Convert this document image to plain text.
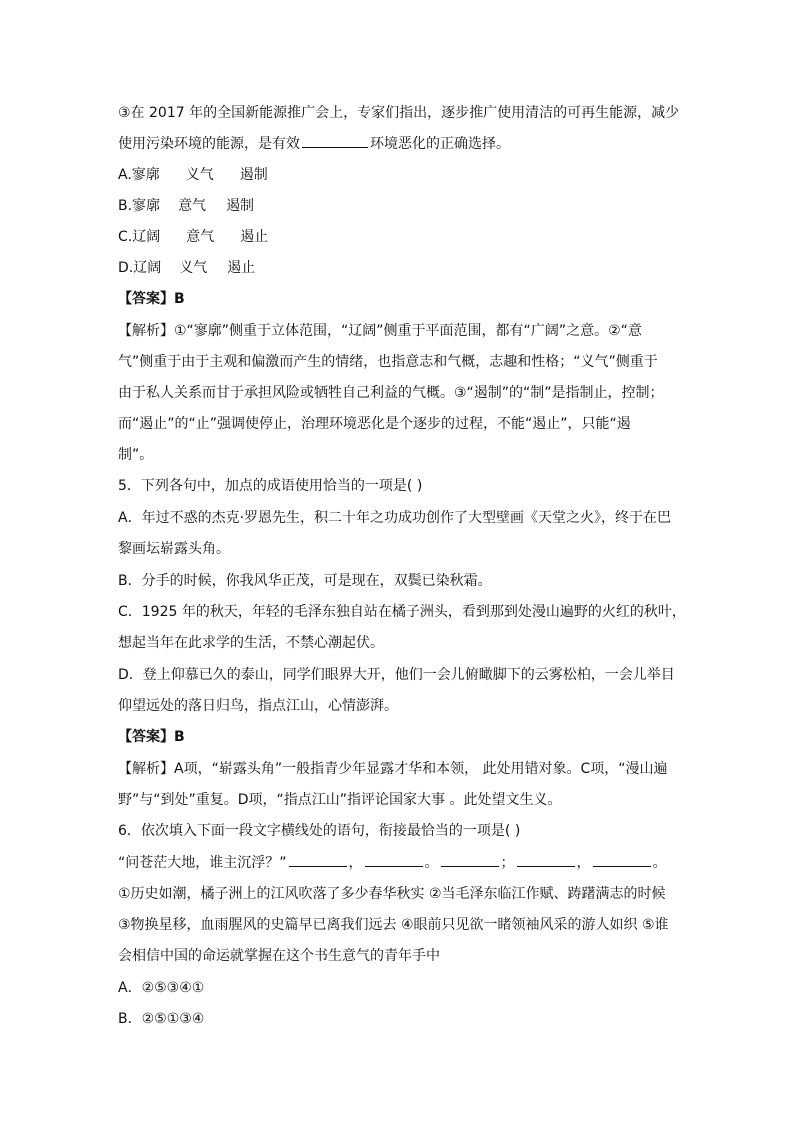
③在 2017 年的全国新能源推广会上，专家们指出，逐步推广使用清洁的可再生能源，减少
使用污染环境的能源，是有效	环境恶化的正确选择。
A.寥廓 义气 遏制
B.寥廓 意气 遏制
C.辽阔 意气 遏止
D.辽阔 义气 遏止
【答案】B
【解析】①“寥廓”侧重于立体范围，“辽阔”侧重于平面范围，都有“广阔”之意。②“意
气”侧重于由于主观和偏激而产生的情绪，也指意志和气概，志趣和性格；“义气”侧重于
由于私人关系而甘于承担风险或牺牲自己利益的气概。③“遏制”的“制”是指制止，控制；
而“遏止”的“止”强调使停止，治理环境恶化是个逐步的过程，不能“遏止”，只能“遏
制”。
5．下列各句中，加点的成语使用恰当的一项是( )
A．年过不惑的杰克·罗恩先生，积二十年之功成功创作了大型壁画《天堂之火》，终于在巴
黎画坛崭露头角。
B．分手的时候，你我风华正茂，可是现在，双鬓已染秋霜。
C．1925 年的秋天，年轻的毛泽东独自站在橘子洲头，看到那到处漫山遍野的火红的秋叶，
想起当年在此求学的生活，不禁心潮起伏。
D．登上仰慕已久的泰山，同学们眼界大开，他们一会儿俯瞰脚下的云雾松柏，一会儿举目
仰望远处的落日归鸟，指点江山，心情澎湃。
【答案】B
【解析】A项，“崭露头角”一般指青少年显露才华和本领， 此处用错对象。C项，“漫山遍
野”与“到处”重复。D项，“指点江山”指评论国家大事 。此处望文生义。
6．依次填入下面一段文字横线处的语句，衔接最恰当的一项是( )
“问苍茫大地，谁主沉浮？”	，	。	；	，	。
①历史如潮，橘子洲上的江风吹落了多少春华秋实 ②当毛泽东临江作赋、踌躇满志的时候
③物换星移，血雨腥风的史篇早已离我们远去 ④眼前只见欲一睹领袖风采的游人如织 ⑤谁
会相信中国的命运就掌握在这个书生意气的青年手中
A．②⑤③④①
B．②⑤①③④
